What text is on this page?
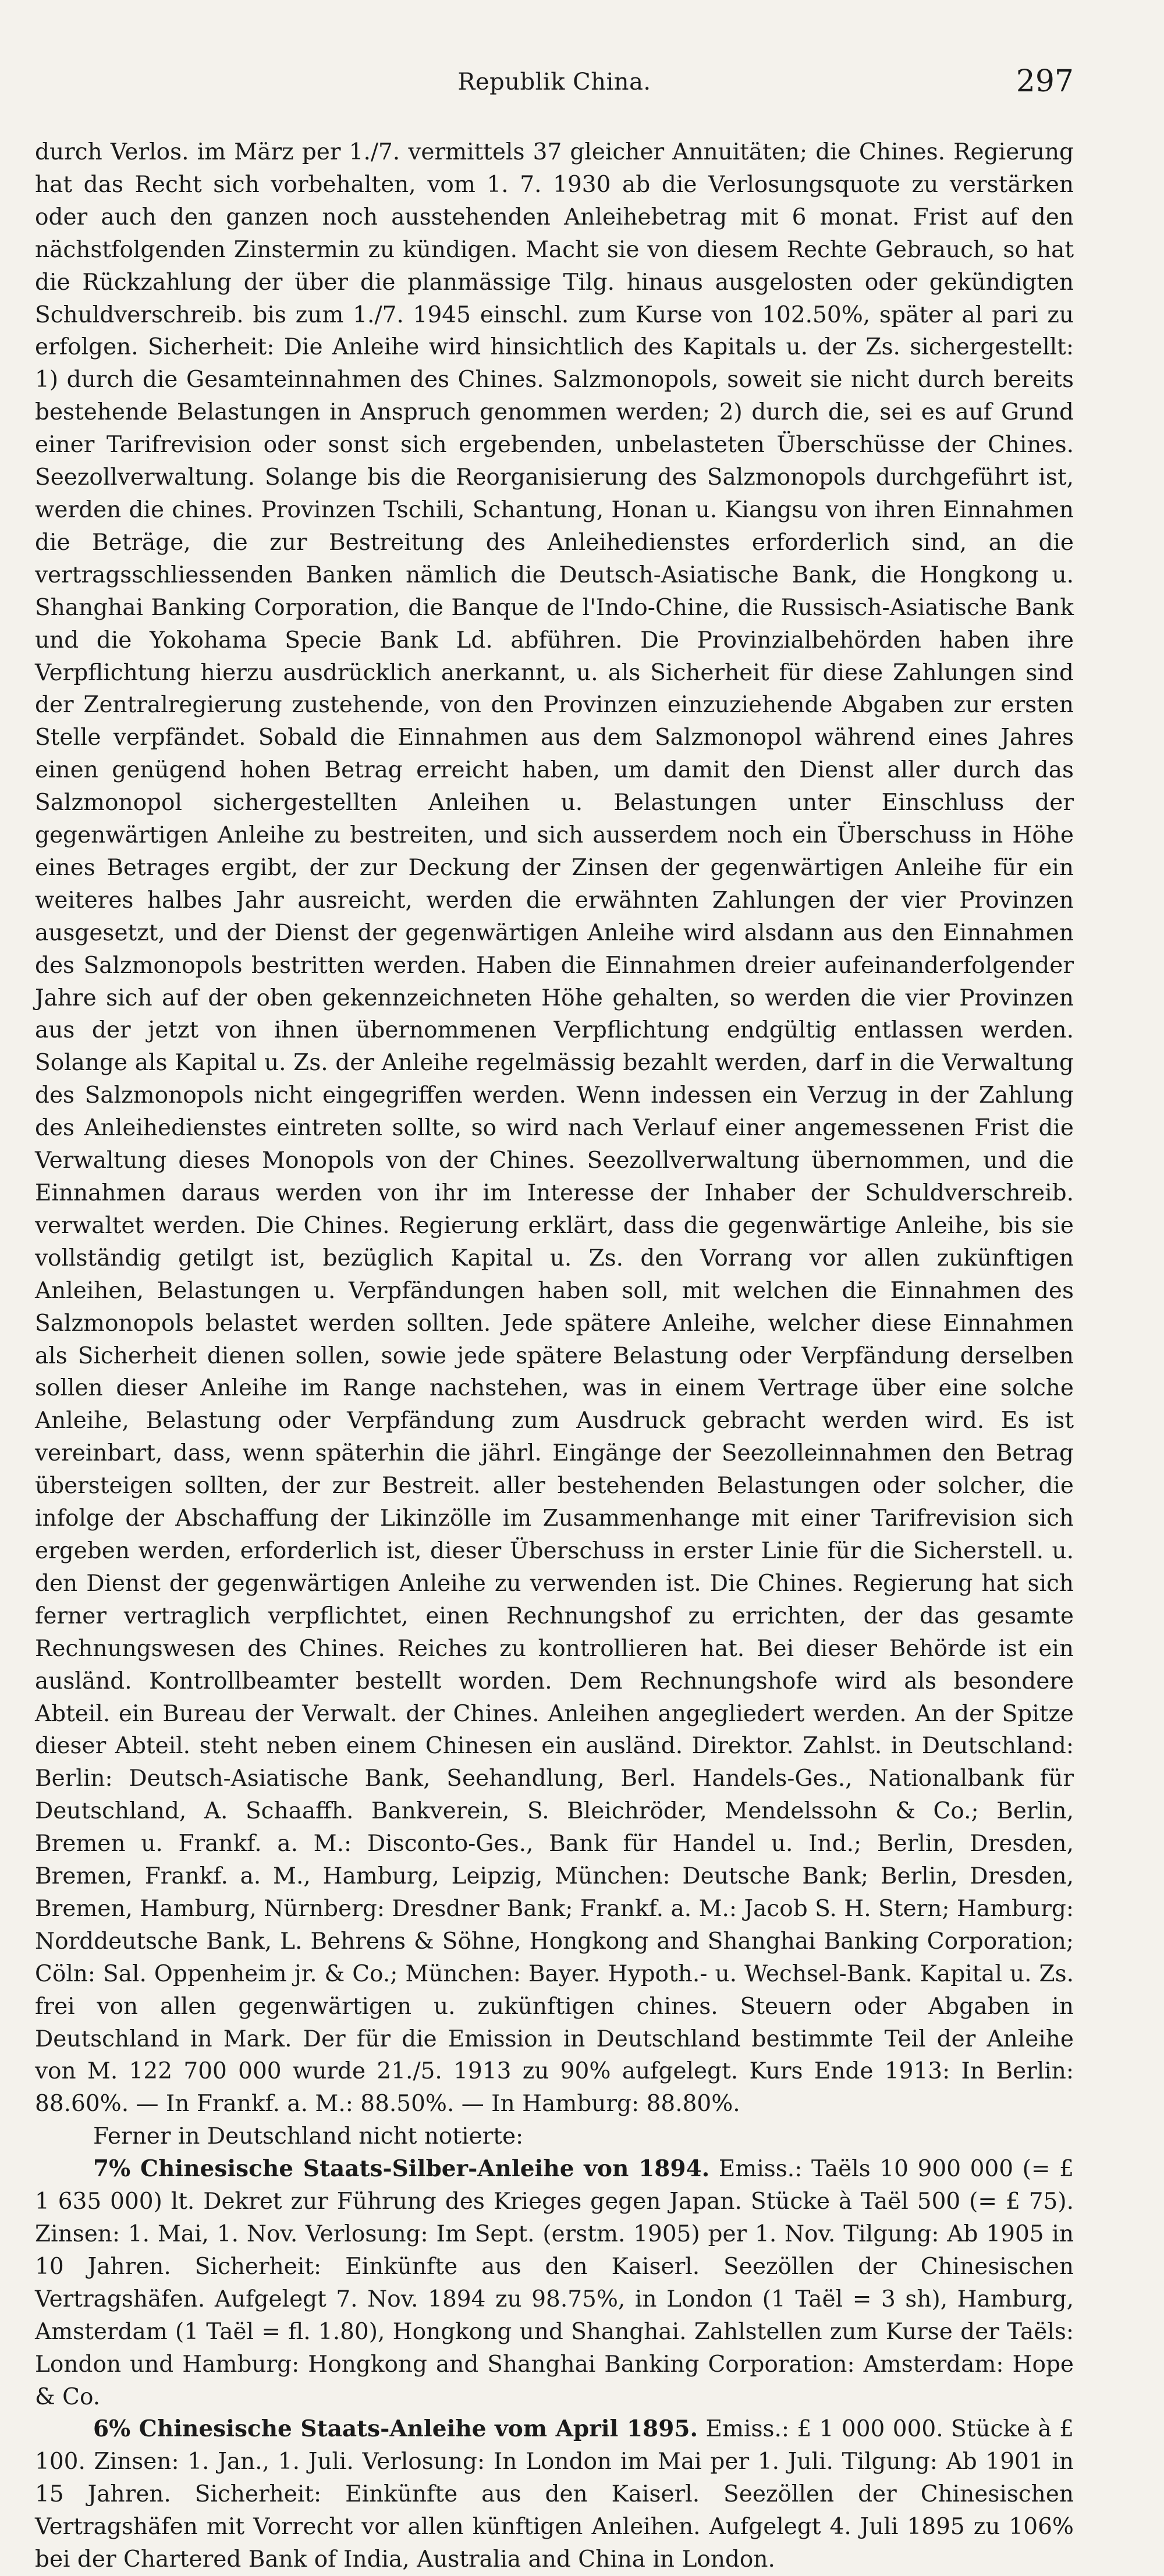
Republik China.	297

durch Verlos. im März per 1./7. vermittels 37 gleicher Annuitäten; die Chines. Regierung hat das Recht sich vorbehalten, vom 1. 7. 1930 ab die Verlosungsquote zu verstärken oder auch den ganzen noch ausstehenden Anleihebetrag mit 6 monat. Frist auf den nächstfolgenden Zinstermin zu kündigen. Macht sie von diesem Rechte Gebrauch, so hat die Rückzahlung der über die planmässige Tilg. hinaus ausgelosten oder gekündigten Schuldverschreib. bis zum 1./7. 1945 einschl. zum Kurse von 102.50%, später al pari zu erfolgen. Sicherheit: Die Anleihe wird hinsichtlich des Kapitals u. der Zs. sichergestellt: 1) durch die Gesamteinnahmen des Chines. Salzmonopols, soweit sie nicht durch bereits bestehende Belastungen in Anspruch genommen werden; 2) durch die, sei es auf Grund einer Tarifrevision oder sonst sich ergebenden, unbelasteten Überschüsse der Chines. Seezollverwaltung. Solange bis die Reorganisierung des Salzmonopols durchgeführt ist, werden die chines. Provinzen Tschili, Schantung, Honan u. Kiangsu von ihren Einnahmen die Beträge, die zur Bestreitung des Anleihedienstes erforderlich sind, an die vertragsschliessenden Banken nämlich die Deutsch-Asiatische Bank, die Hongkong u. Shanghai Banking Corporation, die Banque de l'Indo-Chine, die Russisch-Asiatische Bank und die Yokohama Specie Bank Ld. abführen. Die Provinzialbehörden haben ihre Verpflichtung hierzu ausdrücklich anerkannt, u. als Sicherheit für diese Zahlungen sind der Zentralregierung zustehende, von den Provinzen einzuziehende Abgaben zur ersten Stelle verpfändet. Sobald die Einnahmen aus dem Salzmonopol während eines Jahres einen genügend hohen Betrag erreicht haben, um damit den Dienst aller durch das Salzmonopol sichergestellten Anleihen u. Belastungen unter Einschluss der gegenwärtigen Anleihe zu bestreiten, und sich ausserdem noch ein Überschuss in Höhe eines Betrages ergibt, der zur Deckung der Zinsen der gegenwärtigen Anleihe für ein weiteres halbes Jahr ausreicht, werden die erwähnten Zahlungen der vier Provinzen ausgesetzt, und der Dienst der gegenwärtigen Anleihe wird alsdann aus den Einnahmen des Salzmonopols bestritten werden. Haben die Einnahmen dreier aufeinanderfolgender Jahre sich auf der oben gekennzeichneten Höhe gehalten, so werden die vier Provinzen aus der jetzt von ihnen übernommenen Verpflichtung endgültig entlassen werden. Solange als Kapital u. Zs. der Anleihe regelmässig bezahlt werden, darf in die Verwaltung des Salzmonopols nicht eingegriffen werden. Wenn indessen ein Verzug in der Zahlung des Anleihedienstes eintreten sollte, so wird nach Verlauf einer angemessenen Frist die Verwaltung dieses Monopols von der Chines. Seezollverwaltung übernommen, und die Einnahmen daraus werden von ihr im Interesse der Inhaber der Schuldverschreib. verwaltet werden. Die Chines. Regierung erklärt, dass die gegenwärtige Anleihe, bis sie vollständig getilgt ist, bezüglich Kapital u. Zs. den Vorrang vor allen zukünftigen Anleihen, Belastungen u. Verpfändungen haben soll, mit welchen die Einnahmen des Salzmonopols belastet werden sollten. Jede spätere Anleihe, welcher diese Einnahmen als Sicherheit dienen sollen, sowie jede spätere Belastung oder Verpfändung derselben sollen dieser Anleihe im Range nachstehen, was in einem Vertrage über eine solche Anleihe, Belastung oder Verpfändung zum Ausdruck gebracht werden wird. Es ist vereinbart, dass, wenn späterhin die jährl. Eingänge der Seezolleinnahmen den Betrag übersteigen sollten, der zur Bestreit. aller bestehenden Belastungen oder solcher, die infolge der Abschaffung der Likinzölle im Zusammenhange mit einer Tarifrevision sich ergeben werden, erforderlich ist, dieser Überschuss in erster Linie für die Sicherstell. u. den Dienst der gegenwärtigen Anleihe zu verwenden ist. Die Chines. Regierung hat sich ferner vertraglich verpflichtet, einen Rechnungshof zu errichten, der das gesamte Rechnungswesen des Chines. Reiches zu kontrollieren hat. Bei dieser Behörde ist ein ausländ. Kontrollbeamter bestellt worden. Dem Rechnungshofe wird als besondere Abteil. ein Bureau der Verwalt. der Chines. Anleihen angegliedert werden. An der Spitze dieser Abteil. steht neben einem Chinesen ein ausländ. Direktor. Zahlst. in Deutschland: Berlin: Deutsch-Asiatische Bank, Seehandlung, Berl. Handels-Ges., Nationalbank für Deutschland, A. Schaaffh. Bankverein, S. Bleichröder, Mendelssohn & Co.; Berlin, Bremen u. Frankf. a. M.: Disconto-Ges., Bank für Handel u. Ind.; Berlin, Dresden, Bremen, Frankf. a. M., Hamburg, Leipzig, München: Deutsche Bank; Berlin, Dresden, Bremen, Hamburg, Nürnberg: Dresdner Bank; Frankf. a. M.: Jacob S. H. Stern; Hamburg: Norddeutsche Bank, L. Behrens & Söhne, Hongkong and Shanghai Banking Corporation; Cöln: Sal. Oppenheim jr. & Co.; München: Bayer. Hypoth.- u. Wechsel-Bank. Kapital u. Zs. frei von allen gegenwärtigen u. zukünftigen chines. Steuern oder Abgaben in Deutschland in Mark. Der für die Emission in Deutschland bestimmte Teil der Anleihe von M. 122 700 000 wurde 21./5. 1913 zu 90% aufgelegt. Kurs Ende 1913: In Berlin: 88.60%. — In Frankf. a. M.: 88.50%. — In Hamburg: 88.80%.

Ferner in Deutschland nicht notierte:

7% Chinesische Staats-Silber-Anleihe von 1894. Emiss.: Taëls 10 900 000 (= £ 1 635 000) lt. Dekret zur Führung des Krieges gegen Japan. Stücke à Taël 500 (= £ 75). Zinsen: 1. Mai, 1. Nov. Verlosung: Im Sept. (erstm. 1905) per 1. Nov. Tilgung: Ab 1905 in 10 Jahren. Sicherheit: Einkünfte aus den Kaiserl. Seezöllen der Chinesischen Vertragshäfen. Aufgelegt 7. Nov. 1894 zu 98.75%, in London (1 Taël = 3 sh), Hamburg, Amsterdam (1 Taël = fl. 1.80), Hongkong und Shanghai. Zahlstellen zum Kurse der Taëls: London und Hamburg: Hongkong and Shanghai Banking Corporation: Amsterdam: Hope & Co.

6% Chinesische Staats-Anleihe vom April 1895. Emiss.: £ 1 000 000. Stücke à £ 100. Zinsen: 1. Jan., 1. Juli. Verlosung: In London im Mai per 1. Juli. Tilgung: Ab 1901 in 15 Jahren. Sicherheit: Einkünfte aus den Kaiserl. Seezöllen der Chinesischen Vertragshäfen mit Vorrecht vor allen künftigen Anleihen. Aufgelegt 4. Juli 1895 zu 106% bei der Chartered Bank of India, Australia and China in London.
